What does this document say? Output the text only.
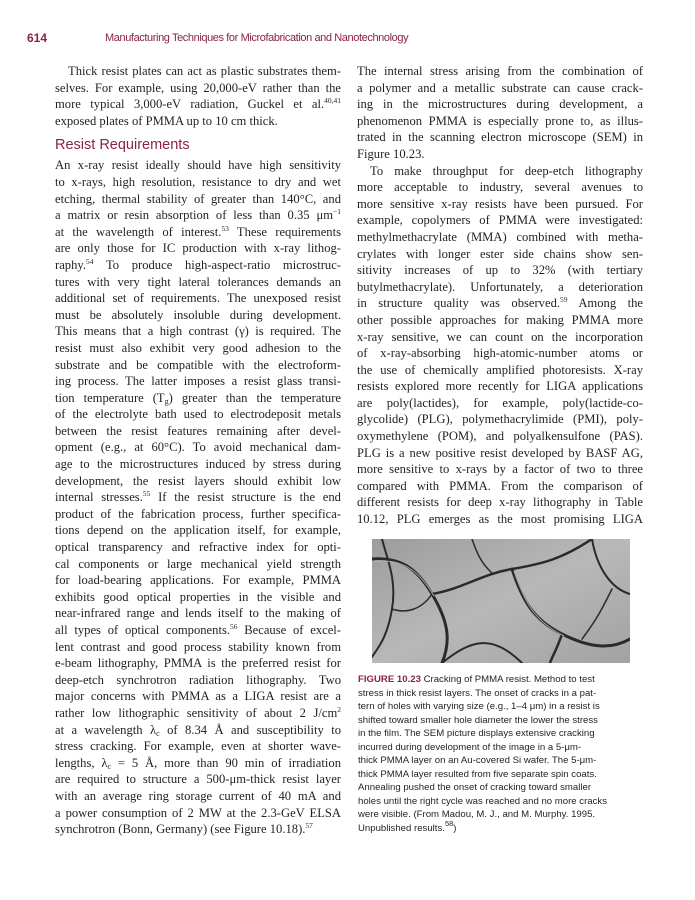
614	Manufacturing Techniques for Microfabrication and Nanotechnology
Thick resist plates can act as plastic substrates them-
selves. For example, using 20,000-eV rather than the
more typical 3,000-eV radiation, Guckel et al.$^{40,41}$
exposed plates of PMMA up to 10 cm thick.
Resist Requirements
An x-ray resist ideally should have high sensitivity
to x-rays, high resolution, resistance to dry and wet
etching, thermal stability of greater than 140°C, and
a matrix or resin absorption of less than 0.35 $\mu m^{-1}$
at the wavelength of interest.$^{53}$ These requirements
are only those for IC production with x-ray lithog-
raphy.$^{54}$ To produce high-aspect-ratio microstruc-
tures with very tight lateral tolerances demands an
additional set of requirements. The unexposed resist
must be absolutely insoluble during development.
This means that a high contrast (γ) is required. The
resist must also exhibit very good adhesion to the
substrate and be compatible with the electroform-
ing process. The latter imposes a resist glass transi-
tion temperature $(T_g)$ greater than the temperature
of the electrolyte bath used to electrodeposit metals
between the resist features remaining after devel-
opment (e.g., at 60°C). To avoid mechanical dam-
age to the microstructures induced by stress during
development, the resist layers should exhibit low
internal stresses.$^{55}$ If the resist structure is the end
product of the fabrication process, further specifica-
tions depend on the application itself, for example,
optical transparency and refractive index for opti-
cal components or large mechanical yield strength
for load-bearing applications. For example, PMMA
exhibits good optical properties in the visible and
near-infrared range and lends itself to the making of
all types of optical components.$^{56}$ Because of excel-
lent contrast and good process stability known from
e-beam lithography, PMMA is the preferred resist for
deep-etch synchrotron radiation lithography. Two
major concerns with PMMA as a LIGA resist are a
rather low lithographic sensitivity of about 2 $J/cm^2$
at a wavelength $\lambda_c$ of 8.34 Å and susceptibility to
stress cracking. For example, even at shorter wave-
lengths, $\lambda_c = 5$ Å, more than 90 min of irradiation
are required to structure a 500-μm-thick resist layer
with an average ring storage current of 40 mA and
a power consumption of 2 MW at the 2.3-GeV ELSA
synchrotron (Bonn, Germany) (see Figure 10.18).$^{57}$
The internal stress arising from the combination of
a polymer and a metallic substrate can cause crack-
ing in the microstructures during development, a
phenomenon PMMA is especially prone to, as illus-
trated in the scanning electron microscope (SEM) in
Figure 10.23.
To make throughput for deep-etch lithography
more acceptable to industry, several avenues to
more sensitive x-ray resists have been pursued. For
example, copolymers of PMMA were investigated:
methylmethacrylate (MMA) combined with metha-
crylates with longer ester side chains show sen-
sitivity increases of up to 32% (with tertiary
butylmethacrylate). Unfortunately, a deterioration
in structure quality was observed.$^{59}$ Among the
other possible approaches for making PMMA more
x-ray sensitive, we can count on the incorporation
of x-ray-absorbing high-atomic-number atoms or
the use of chemically amplified photoresists. X-ray
resists explored more recently for LIGA applications
are poly(lactides), for example, poly(lactide-co-
glycolide) (PLG), polymethacrylimide (PMI), poly-
oxymethylene (POM), and polyalkensulfone (PAS).
PLG is a new positive resist developed by BASF AG,
more sensitive to x-rays by a factor of two to three
compared with PMMA. From the comparison of
different resists for deep x-ray lithography in Table
10.12, PLG emerges as the most promising LIGA
FIGURE 10.23 Cracking of PMMA resist. Method to test
stress in thick resist layers. The onset of cracks in a pat-
tern of holes with varying size (e.g., 1–4 μm) in a resist is
shifted toward smaller hole diameter the lower the stress
in the film. The SEM picture displays extensive cracking
incurred during development of the image in a 5-μm-
thick PMMA layer on an Au-covered Si wafer. The 5-μm-
thick PMMA layer resulted from five separate spin coats.
Annealing pushed the onset of cracking toward smaller
holes until the right cycle was reached and no more cracks
were visible. (From Madou, M. J., and M. Murphy. 1995.
Unpublished results.$^{58}$)
